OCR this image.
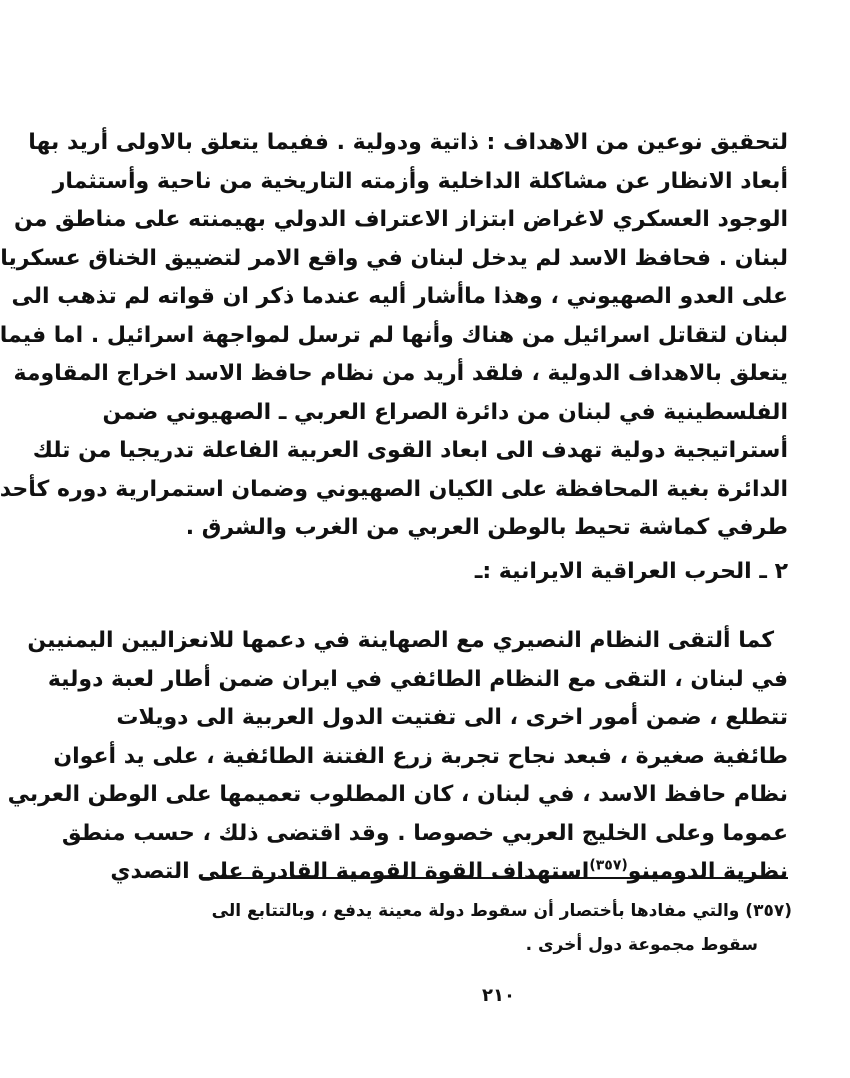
لتحقيق نوعين من الاهداف : ذاتية ودولية . ففيما يتعلق بالاولى أريد بها
أبعاد الانظار عن مشاكلة الداخلية وأزمته التاريخية من ناحية وأستثمار
الوجود العسكري لاغراض ابتزاز الاعتراف الدولي بهيمنته على مناطق من
لبنان . فحافظ الاسد لم يدخل لبنان في واقع الامر لتضييق الخناق عسكريا
على العدو الصهيوني ، وهذا ماأشار أليه عندما ذكر ان قواته لم تذهب الى
لبنان لتقاتل اسرائيل من هناك وأنها لم ترسل لمواجهة اسرائيل . اما فيما
يتعلق بالاهداف الدولية ، فلقد أريد من نظام حافظ الاسد اخراج المقاومة
الفلسطينية في لبنان من دائرة الصراع العربي ـ الصهيوني ضمن
أستراتيجية دولية تهدف الى ابعاد القوى العربية الفاعلة تدريجيا من تلك
الدائرة بغية المحافظة على الكيان الصهيوني وضمان استمرارية دوره كأحد
طرفي كماشة تحيط بالوطن العربي من الغرب والشرق .
٢ ـ الحرب العراقية الايرانية :ـ
كما ألتقى النظام النصيري مع الصهاينة في دعمها للانعزاليين اليمنيين
في لبنان ، التقى مع النظام الطائفي في ايران ضمن أطار لعبة دولية
تتطلع ، ضمن أمور اخرى ، الى تفتيت الدول العربية الى دويلات
طائفية صغيرة ، فبعد نجاح تجربة زرع الفتنة الطائفية ، على يد أعوان
نظام حافظ الاسد ، في لبنان ، كان المطلوب تعميمها على الوطن العربي
عموما وعلى الخليج العربي خصوصا . وقد اقتضى ذلك ، حسب منطق
نظرية الدومينو$^{(٣٥٧)}$استهداف القوة القومية القادرة على التصدي
(٣٥٧) والتي مفادها بأختصار أن سقوط دولة معينة يدفع ، وبالتتابع الى
سقوط مجموعة دول أخرى .
٢١٠
